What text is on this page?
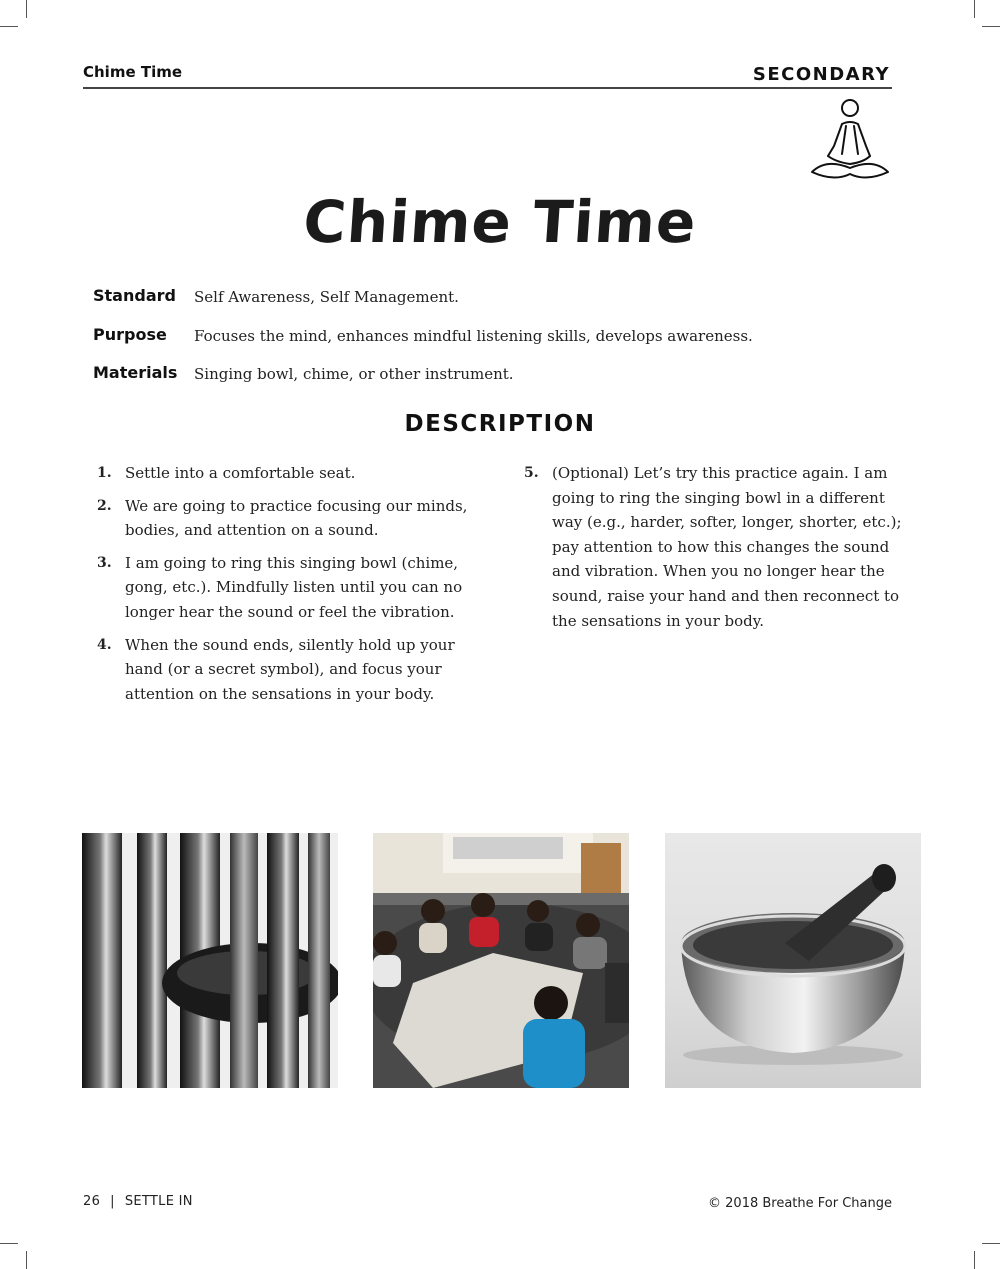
Chime Time	SECONDARY
Chime Time
Standard Self Awareness, Self Management.
Purpose Focuses the mind, enhances mindful listening skills, develops awareness.
Materials Singing bowl, chime, or other instrument.
DESCRIPTION
1. Settle into a comfortable seat.
2. We are going to practice focusing our minds, bodies, and attention on a sound.
3. I am going to ring this singing bowl (chime, gong, etc.). Mindfully listen until you can no longer hear the sound or feel the vibration.
4. When the sound ends, silently hold up your hand (or a secret symbol), and focus your attention on the sensations in your body.
5. (Optional) Let’s try this practice again. I am going to ring the singing bowl in a different way (e.g., harder, softer, longer, shorter, etc.); pay attention to how this changes the sound and vibration. When you no longer hear the sound, raise your hand and then reconnect to the sensations in your body.
26 | SETTLE IN	© 2018 Breathe For Change
